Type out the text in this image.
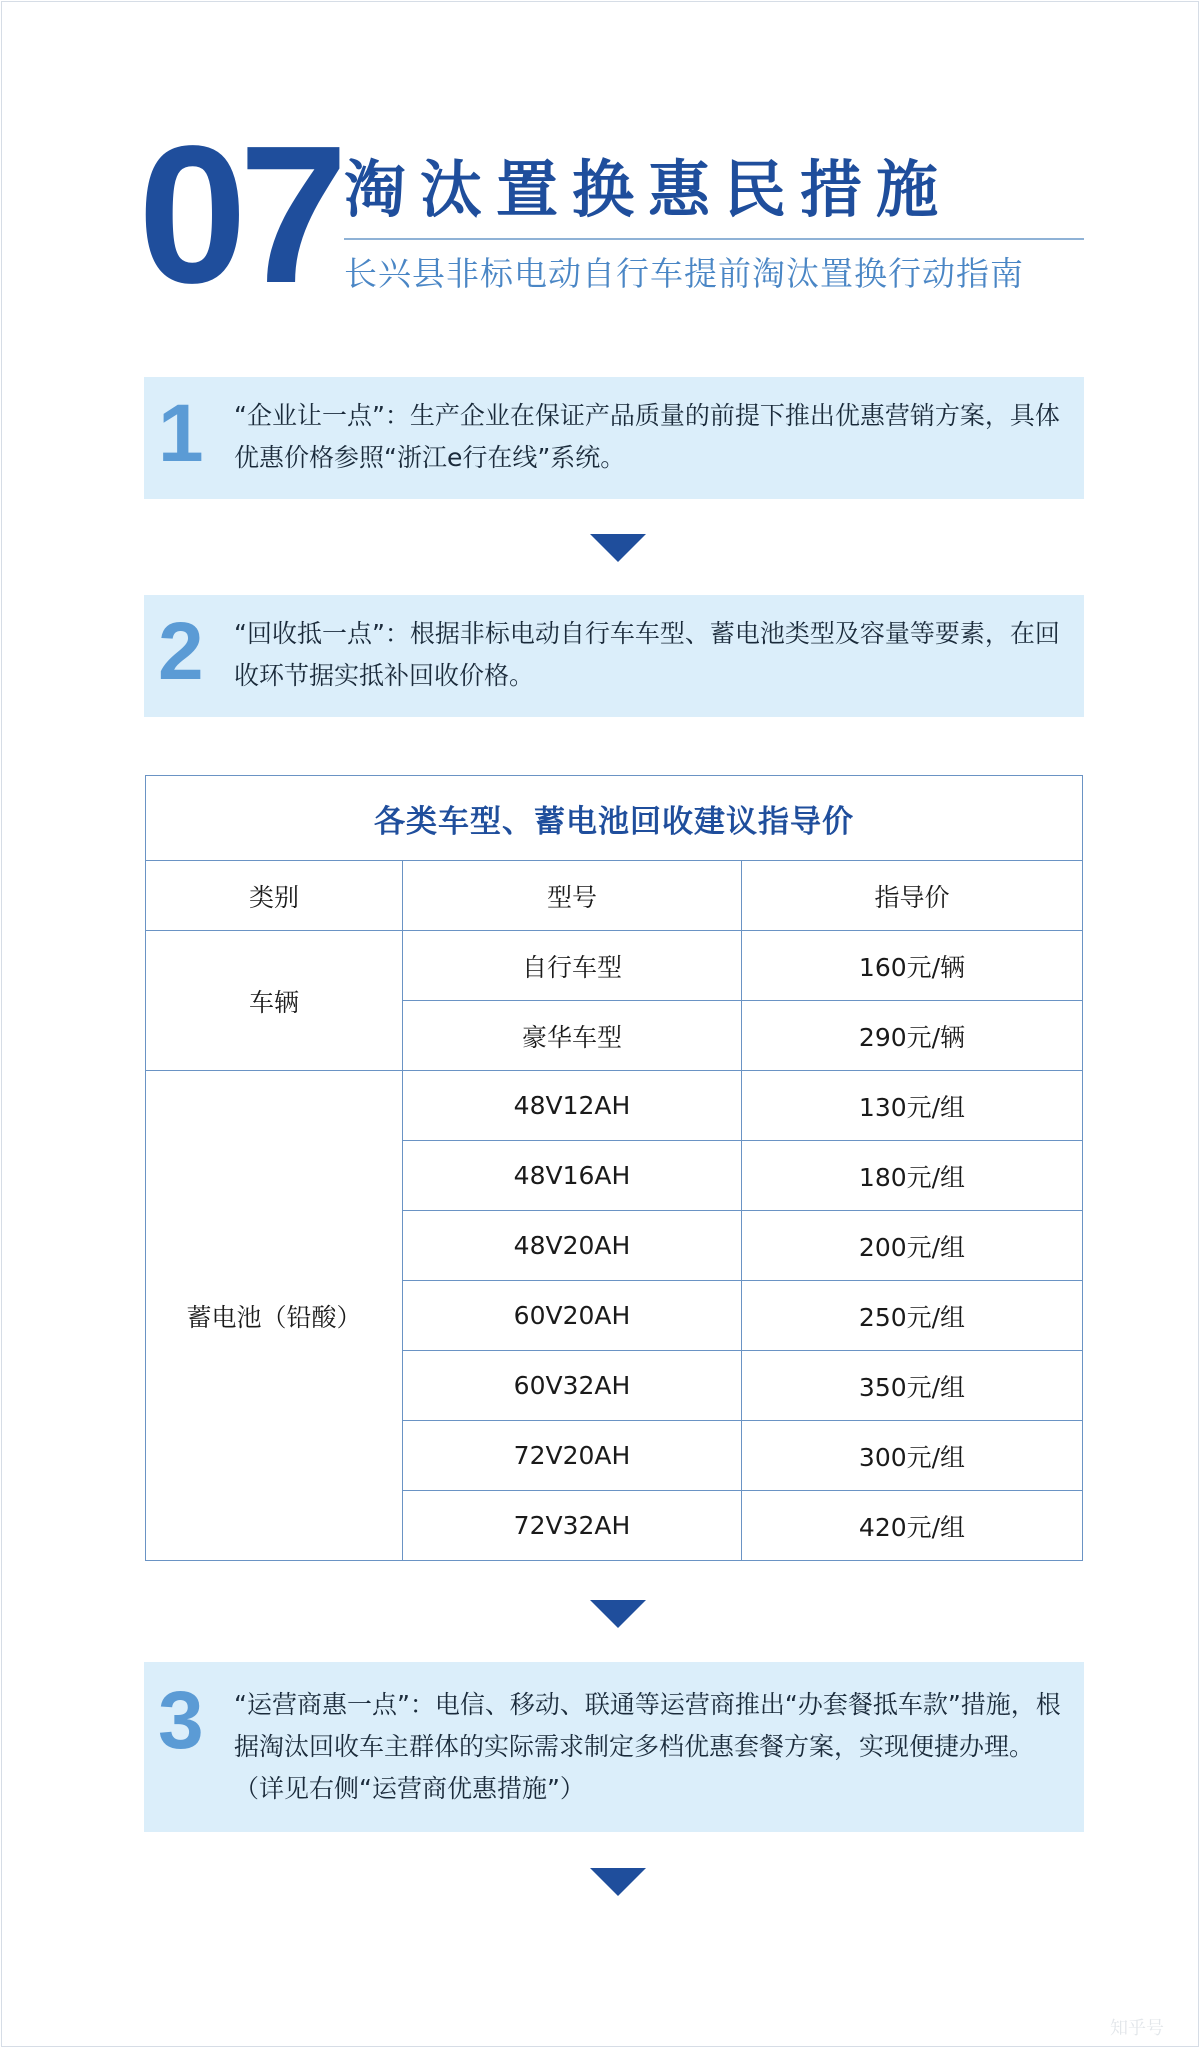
07 淘汰置换惠民措施
长兴县非标电动自行车提前淘汰置换行动指南
1 “企业让一点”：生产企业在保证产品质量的前提下推出优惠营销方案，具体优惠价格参照“浙江e行在线”系统。
2 “回收抵一点”：根据非标电动自行车车型、蓄电池类型及容量等要素，在回收环节据实抵补回收价格。
各类车型、蓄电池回收建议指导价		
类别	型号	指导价
车辆	自行车型	160元/辆
	豪华车型	290元/辆
蓄电池（铅酸）	48V12AH	130元/组
	48V16AH	180元/组
	48V20AH	200元/组
	60V20AH	250元/组
	60V32AH	350元/组
	72V20AH	300元/组
	72V32AH	420元/组
3 “运营商惠一点”：电信、移动、联通等运营商推出“办套餐抵车款”措施，根据淘汰回收车主群体的实际需求制定多档优惠套餐方案，实现便捷办理。（详见右侧“运营商优惠措施”）
知乎号
